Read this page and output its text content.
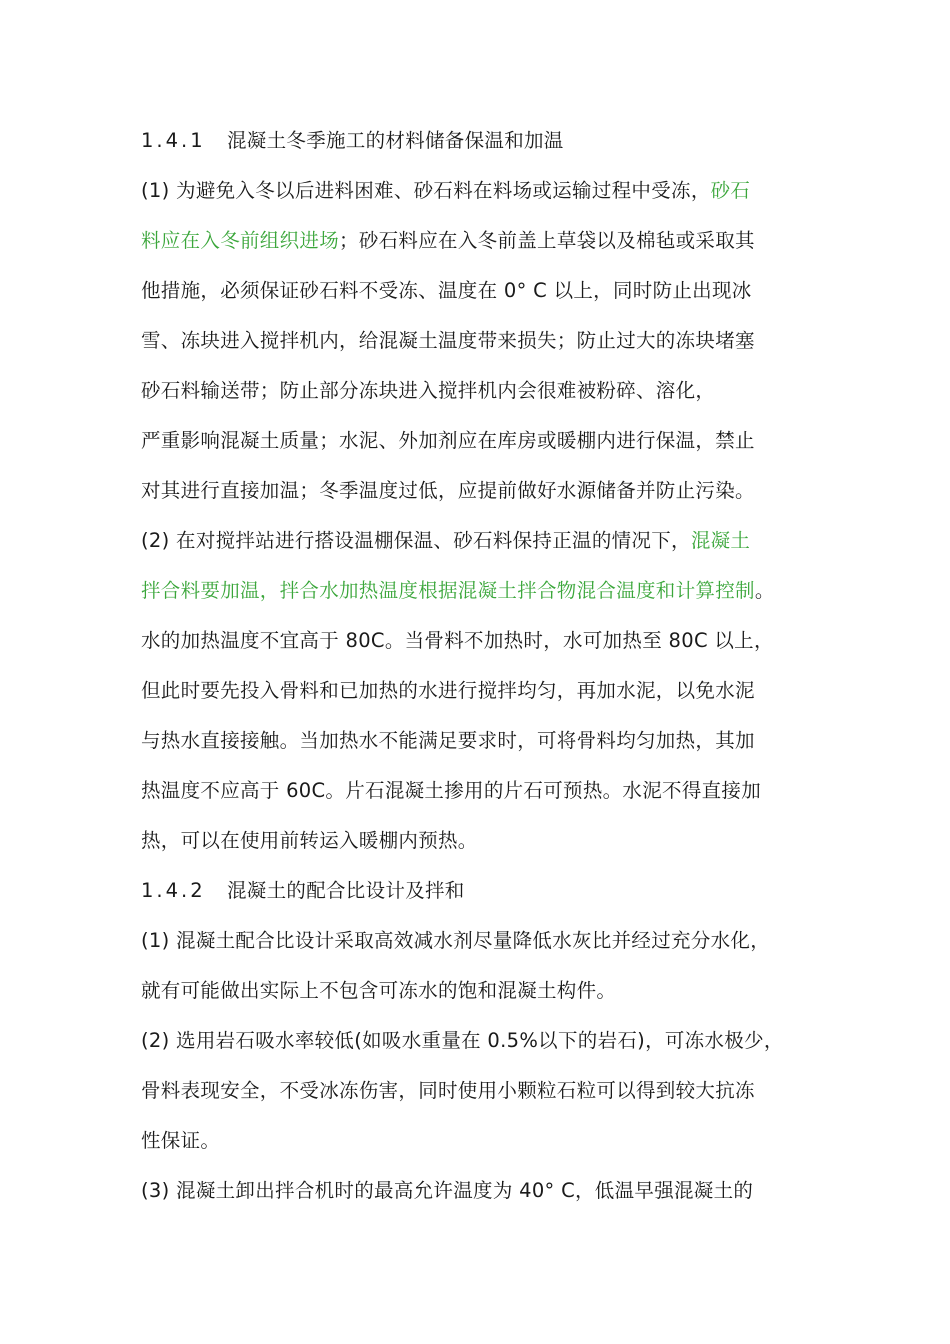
1.4.1 混凝土冬季施工的材料储备保温和加温
(1) 为避免入冬以后进料困难、砂石料在料场或运输过程中受冻，砂石
料应在入冬前组织进场；砂石料应在入冬前盖上草袋以及棉毡或采取其
他措施，必须保证砂石料不受冻、温度在 0° C 以上，同时防止出现冰
雪、冻块进入搅拌机内，给混凝土温度带来损失；防止过大的冻块堵塞
砂石料输送带；防止部分冻块进入搅拌机内会很难被粉碎、溶化，
严重影响混凝土质量；水泥、外加剂应在库房或暖棚内进行保温，禁止
对其进行直接加温；冬季温度过低，应提前做好水源储备并防止污染。
(2) 在对搅拌站进行搭设温棚保温、砂石料保持正温的情况下，混凝土
拌合料要加温，拌合水加热温度根据混凝土拌合物混合温度和计算控制。
水的加热温度不宜高于 80C。当骨料不加热时，水可加热至 80C 以上，
但此时要先投入骨料和已加热的水进行搅拌均匀，再加水泥，以免水泥
与热水直接接触。当加热水不能满足要求时，可将骨料均匀加热，其加
热温度不应高于 60C。片石混凝土掺用的片石可预热。水泥不得直接加
热，可以在使用前转运入暖棚内预热。
1.4.2 混凝土的配合比设计及拌和
(1) 混凝土配合比设计采取高效减水剂尽量降低水灰比并经过充分水化，
就有可能做出实际上不包含可冻水的饱和混凝土构件。
(2) 选用岩石吸水率较低(如吸水重量在 0.5%以下的岩石)，可冻水极少，
骨料表现安全，不受冰冻伤害，同时使用小颗粒石粒可以得到较大抗冻
性保证。
(3) 混凝土卸出拌合机时的最高允许温度为 40° C，低温早强混凝土的
